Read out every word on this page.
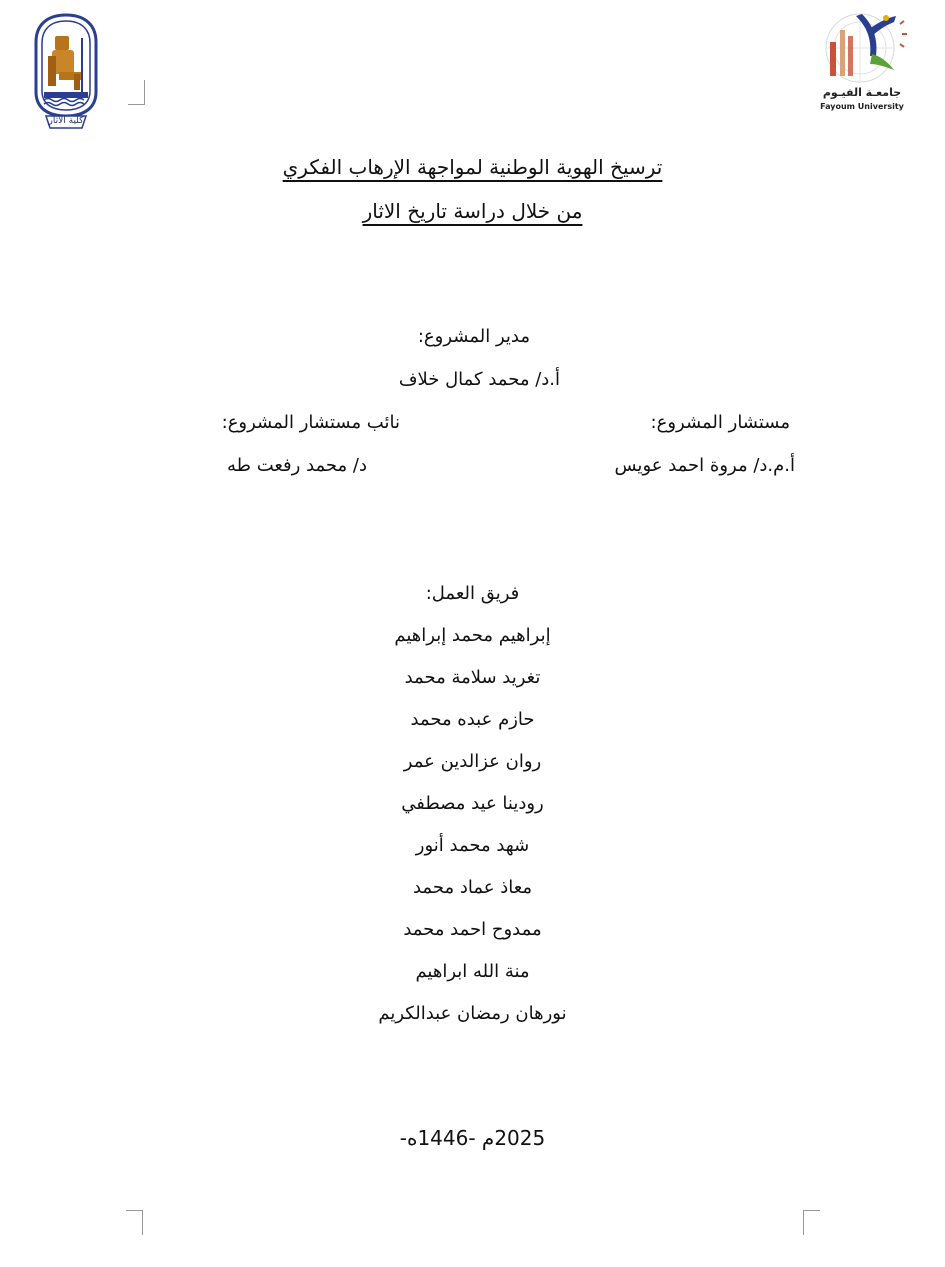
كلية الآثار
جامعـة الفيـوم
Fayoum University
ترسيخ الهوية الوطنية لمواجهة الإرهاب الفكري
من خلال دراسة تاريخ الاثار
مدير المشروع:
أ.د/ محمد كمال خلاف
مستشار المشروع:
أ.م.د/ مروة احمد عويس
نائب مستشار المشروع:
د/ محمد رفعت طه
فريق العمل:
إبراهيم محمد إبراهيم
تغريد سلامة محمد
حازم عبده محمد
روان عزالدين عمر
رودينا عيد مصطفي
شهد محمد أنور
معاذ عماد محمد
ممدوح احمد محمد
منة الله ابراهيم
نورهان رمضان عبدالكريم
2025م -1446ه-
